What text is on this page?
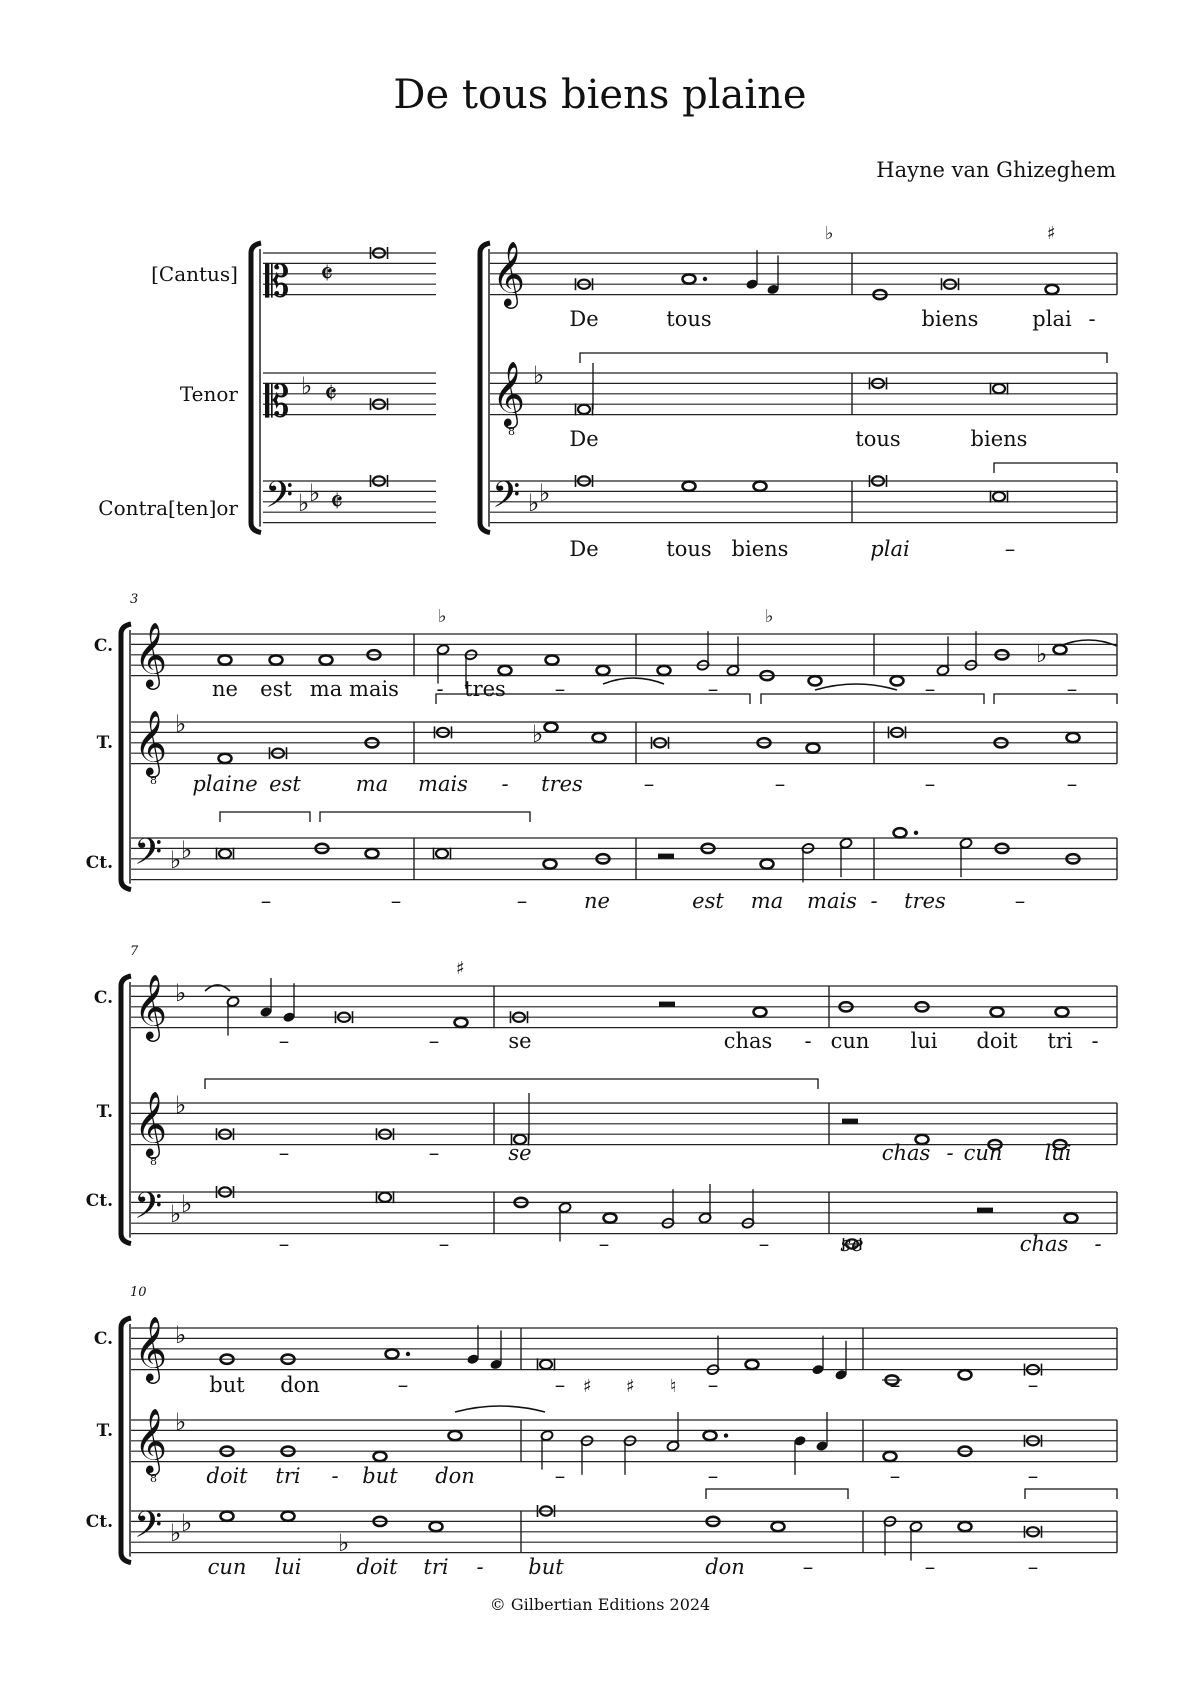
De tous biens plaine
Hayne van Ghizeghem
[Cantus]
Tenor
Contra[ten]or
C.
T.
Ct.
C.
T.
Ct.
C.
T.
Ct.
3
7
10
𝄡 𝄵
𝄡 ♭ 𝄵
𝄢 ♭ ♭ 𝄵
𝄞
𝄞 ♭
8
𝄢 ♭ ♭
♭	♯
𝄞
𝄞 ♭
8
𝄢 ♭ ♭
♭	♭
♭
♭
𝄞 ♭
𝄞 ♭
8
𝄢 ♭ ♭
♯
𝄞 ♭
𝄞 ♭
8
𝄢 ♭ ♭
♯ ♯ ♮
♭
De	tous	biens	plai -
De	tous	biens
De	tous biens	plai	–
ne est ma mais - tres –	–	–	–
plaine est	ma mais - tres	–	–	–	–
–	–	–	ne	est ma mais - tres	–
–	–	se	chas - cun lui doit tri -
–	–	se	chas - cun lui
–	–	–	–	se	chas -
but don	–	–	–	–	–
doit tri - but don	–	–	–	–
cun lui	doit tri - but	don	–	–	–
© Gilbertian Editions 2024
